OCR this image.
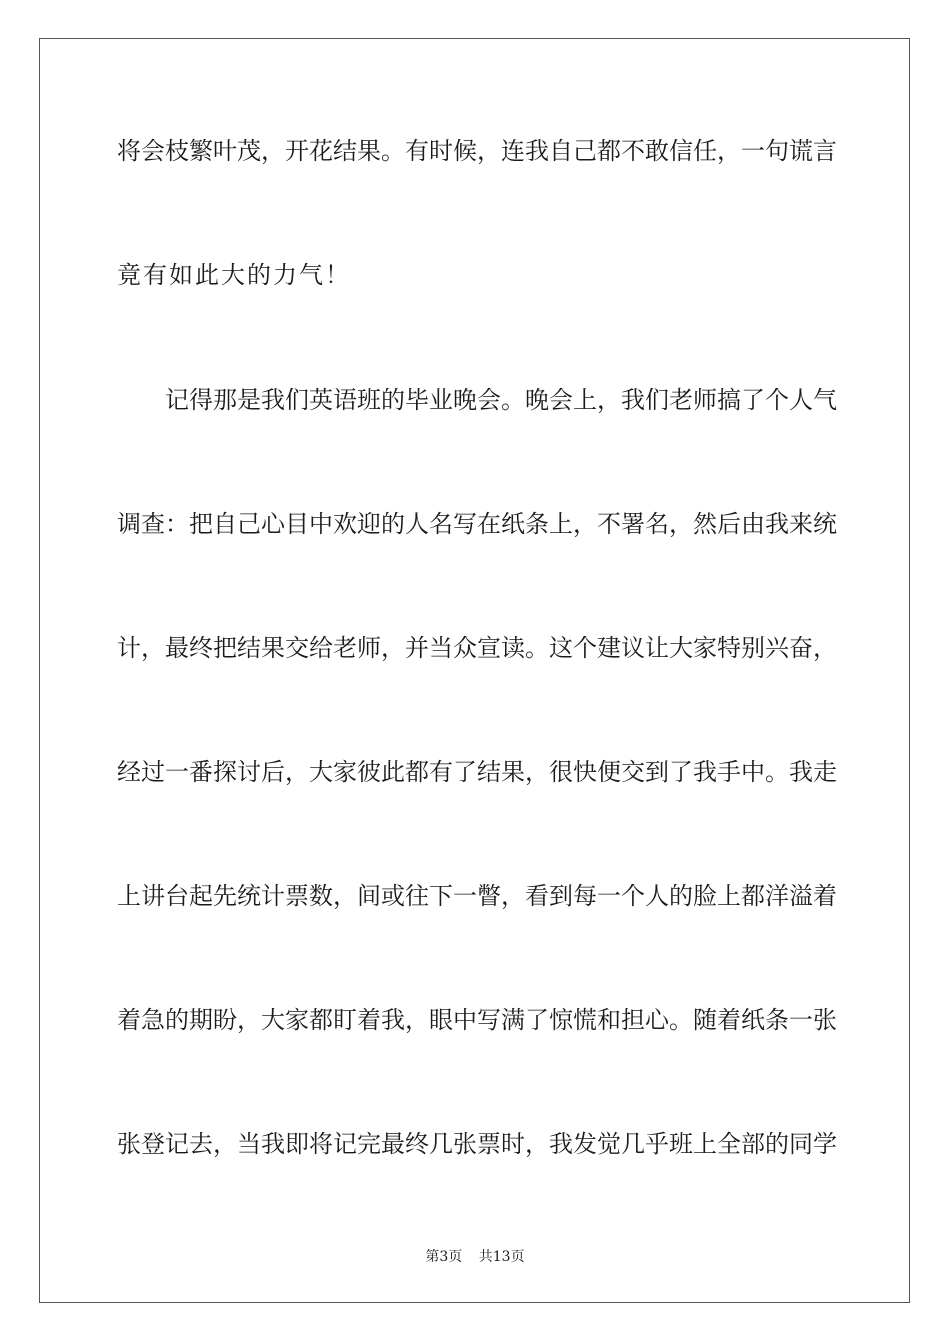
将会枝繁叶茂，开花结果。有时候，连我自己都不敢信任，一句谎言
竟有如此大的力气！
记得那是我们英语班的毕业晚会。晚会上，我们老师搞了个人气
调查：把自己心目中欢迎的人名写在纸条上，不署名，然后由我来统
计，最终把结果交给老师，并当众宣读。这个建议让大家特别兴奋，
经过一番探讨后，大家彼此都有了结果，很快便交到了我手中。我走
上讲台起先统计票数，间或往下一瞥，看到每一个人的脸上都洋溢着
着急的期盼，大家都盯着我，眼中写满了惊慌和担心。随着纸条一张
张登记去，当我即将记完最终几张票时，我发觉几乎班上全部的同学
第3页 共13页
